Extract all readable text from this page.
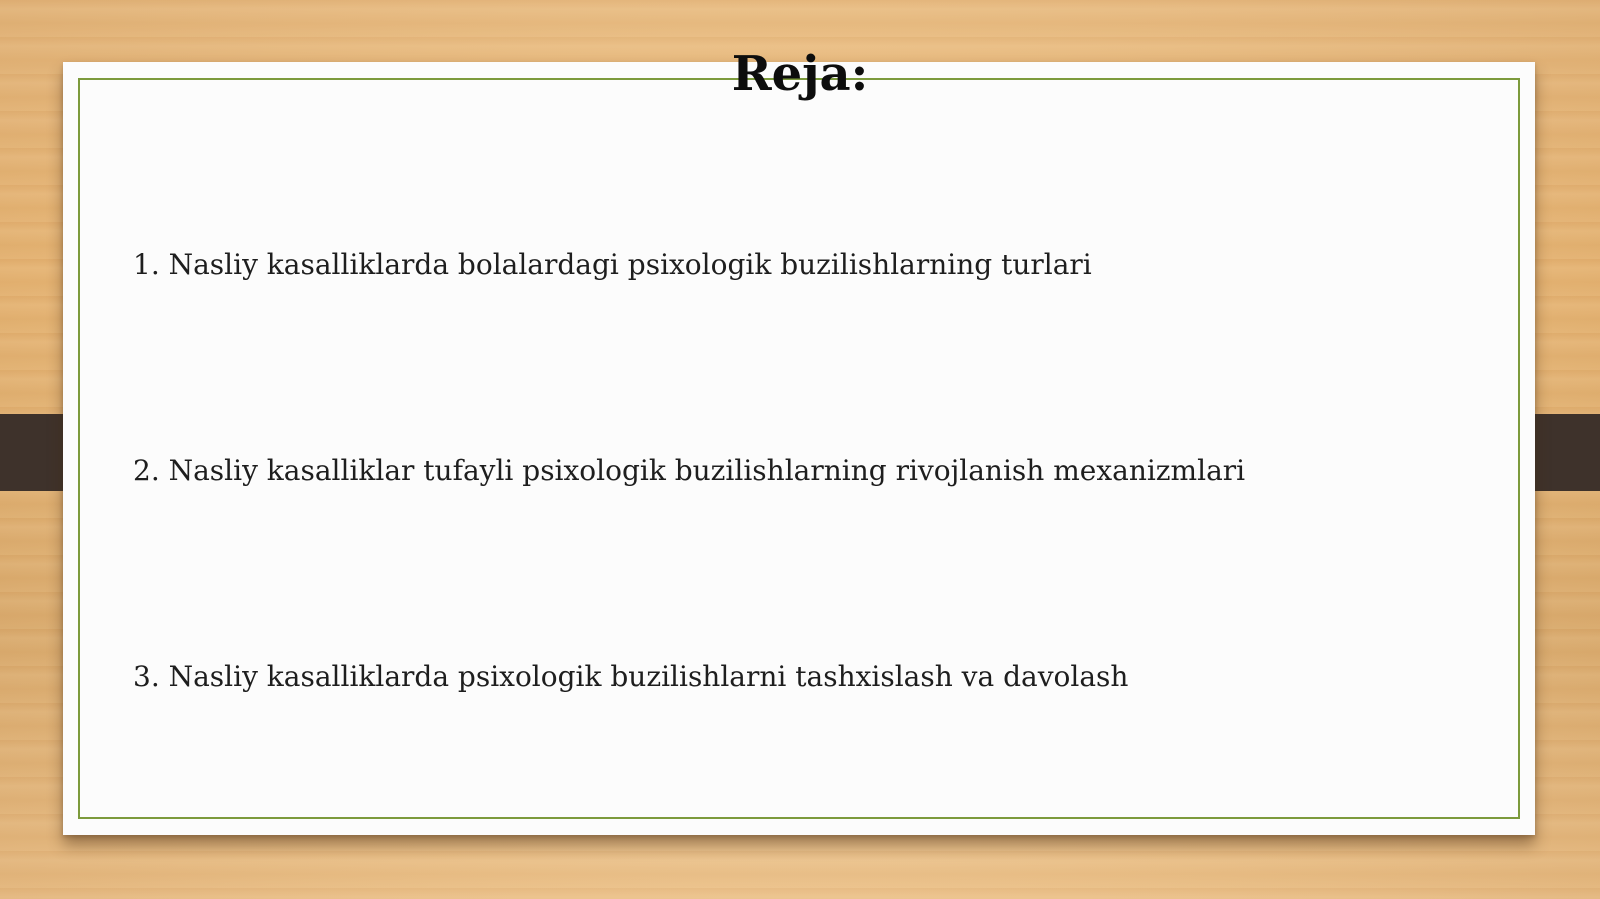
Reja:
1. Nasliy kasalliklarda bolalardagi psixologik buzilishlarning turlari
2. Nasliy kasalliklar tufayli psixologik buzilishlarning rivojlanish mexanizmlari
3. Nasliy kasalliklarda psixologik buzilishlarni tashxislash va davolash
